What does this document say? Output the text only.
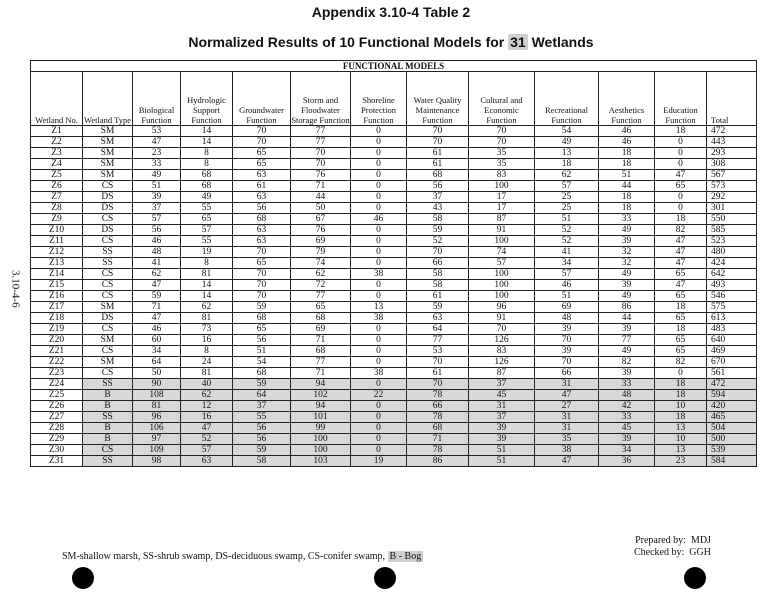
Appendix 3.10-4 Table 2
Normalized Results of 10 Functional Models for 31 Wetlands
3.10-4-6
FUNCTIONAL MODELS												
Wetland No.	Wetland Type	Biological Function	Hydrologic Support Function	Groundwater Function	Storm and Floodwater Storage Function	Shoreline Protection Function	Water Quality Maintenance Function	Cultural and Economic Function	Recreational Function	Aesthetics Function	Education Function	Total
Z1	SM	53	14	70	77	0	70	70	54	46	18	472
Z2	SM	47	14	70	77	0	70	70	49	46	0	443
Z3	SM	23	8	65	70	0	61	35	13	18	0	293
Z4	SM	33	8	65	70	0	61	35	18	18	0	308
Z5	SM	49	68	63	76	0	68	83	62	51	47	567
Z6	CS	51	68	61	71	0	56	100	57	44	65	573
Z7	DS	39	49	63	44	0	37	17	25	18	0	292
Z8	DS	37	55	56	50	0	43	17	25	18	0	301
Z9	CS	57	65	68	67	46	58	87	51	33	18	550
Z10	DS	56	57	63	76	0	59	91	52	49	82	585
Z11	CS	46	55	63	69	0	52	100	52	39	47	523
Z12	SS	48	19	70	79	0	70	74	41	32	47	480
Z13	SS	41	8	65	74	0	66	57	34	32	47	424
Z14	CS	62	81	70	62	38	58	100	57	49	65	642
Z15	CS	47	14	70	72	0	58	100	46	39	47	493
Z16	CS	59	14	70	77	0	61	100	51	49	65	546
Z17	SM	71	62	59	65	13	59	96	69	86	18	575
Z18	DS	47	81	68	68	38	63	91	48	44	65	613
Z19	CS	46	73	65	69	0	64	70	39	39	18	483
Z20	SM	60	16	56	71	0	77	126	70	77	65	640
Z21	CS	34	8	51	68	0	53	83	39	49	65	469
Z22	SM	64	24	54	77	0	70	126	70	82	82	670
Z23	CS	50	81	68	71	38	61	87	66	39	0	561
Z24	SS	90	40	59	94	0	70	37	31	33	18	472
Z25	B	108	62	64	102	22	78	45	47	48	18	594
Z26	B	81	12	37	94	0	66	31	27	42	10	420
Z27	SS	96	16	55	101	0	78	37	31	33	18	465
Z28	B	106	47	56	99	0	68	39	31	45	13	504
Z29	B	97	52	56	100	0	71	39	35	39	10	500
Z30	CS	109	57	59	100	0	78	51	38	34	13	539
Z31	SS	98	63	58	103	19	86	51	47	36	23	584
SM-shallow marsh, SS-shrub swamp, DS-deciduous swamp, CS-conifer swamp, B - Bog
Prepared by: MDJ
Checked by: GGH
